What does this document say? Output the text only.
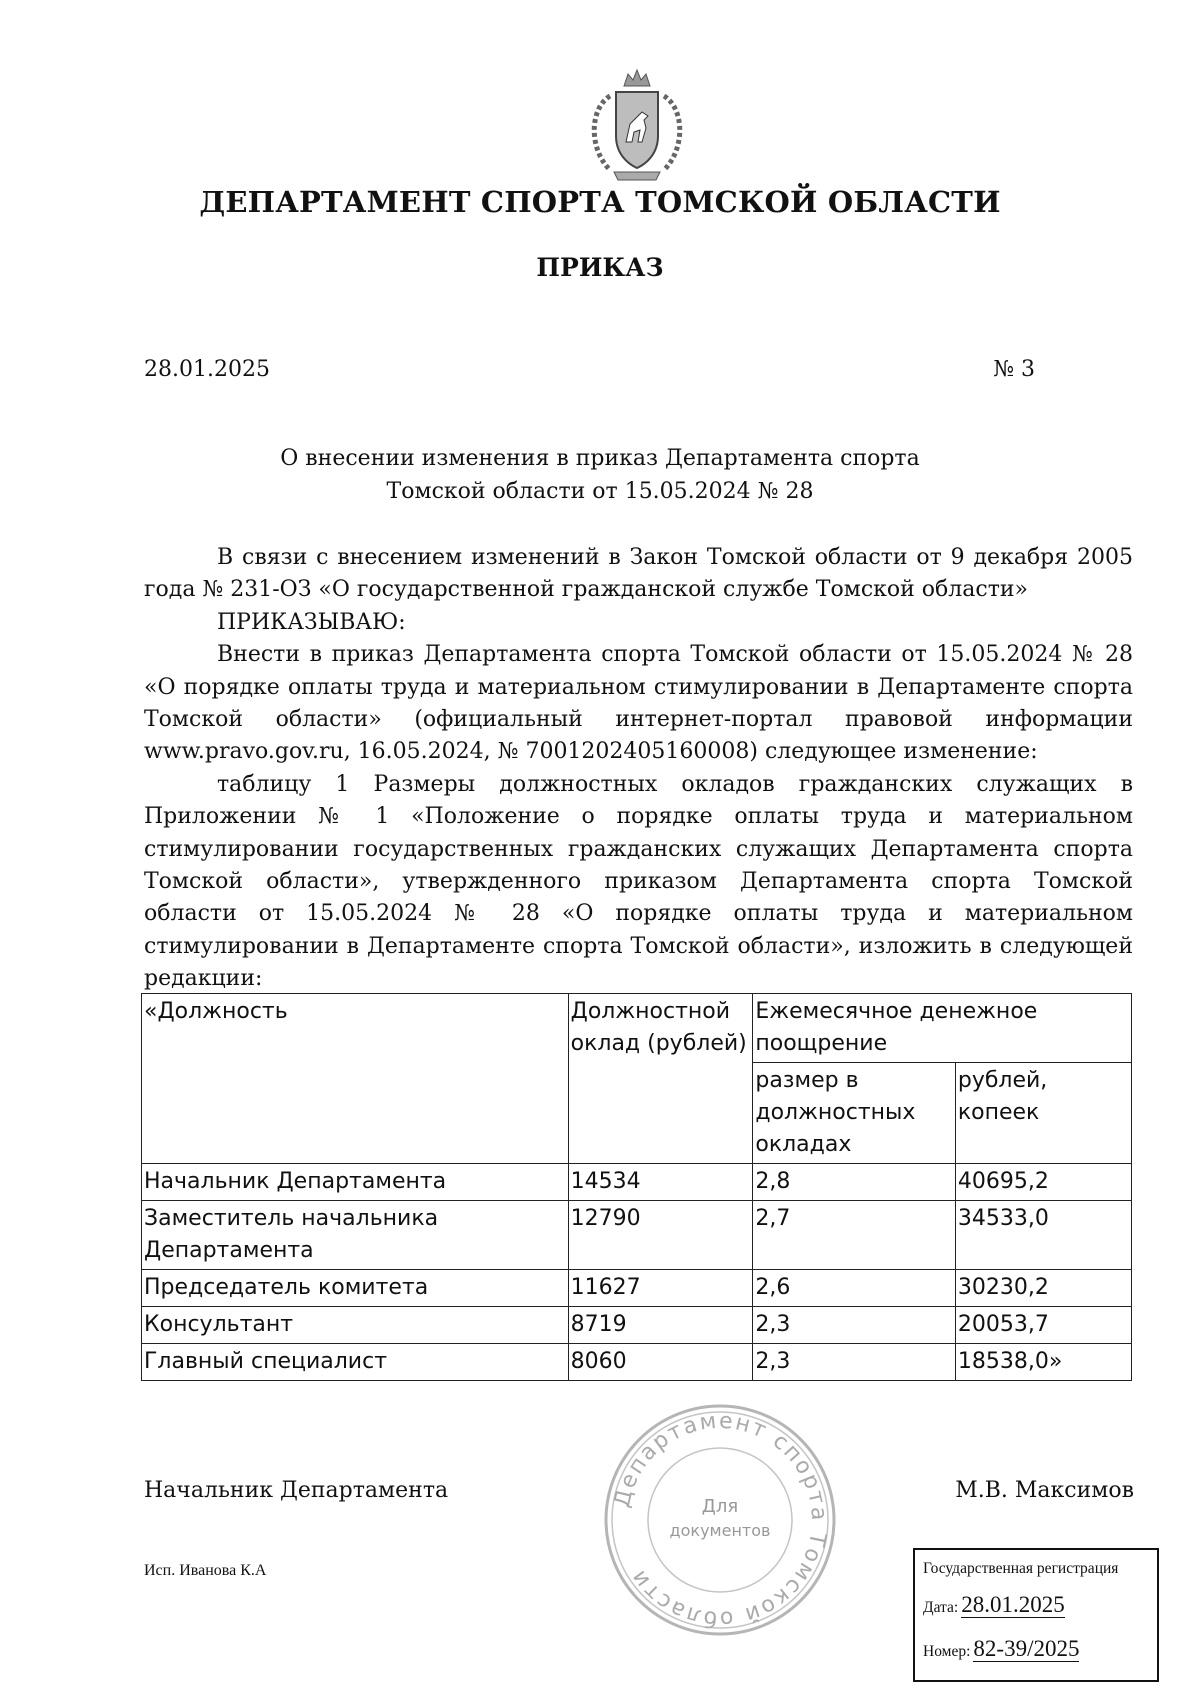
ДЕПАРТАМЕНТ СПОРТА ТОМСКОЙ ОБЛАСТИ
ПРИКАЗ
28.01.2025	№ 3
О внесении изменения в приказ Департамента спорта
Томской области от 15.05.2024 № 28

В связи с внесением изменений в Закон Томской области от 9 декабря 2005 года № 231-ОЗ «О государственной гражданской службе Томской области»

ПРИКАЗЫВАЮ:

Внести в приказ Департамента спорта Томской области от 15.05.2024 № 28 «О порядке оплаты труда и материальном стимулировании в Департаменте спорта Томской области» (официальный интернет-портал правовой информации www.pravo.gov.ru, 16.05.2024, № 7001202405160008) следующее изменение:

таблицу 1 Размеры должностных окладов гражданских служащих в Приложении № 1 «Положение о порядке оплаты труда и материальном стимулировании государственных гражданских служащих Департамента спорта Томской области», утвержденного приказом Департамента спорта Томской области от 15.05.2024 № 28 «О порядке оплаты труда и материальном стимулировании в Департаменте спорта Томской области», изложить в следующей редакции:

«Должность	Должностной оклад (рублей)	Ежемесячное денежное поощрение	
		размер в должностных окладах	рублей, копеек
Начальник Департамента	14534	2,8	40695,2
Заместитель начальника Департамента	12790	2,7	34533,0
Председатель комитета	11627	2,6	30230,2
Консультант	8719	2,3	20053,7
Главный специалист	8060	2,3	18538,0»
Департамент спорта Томской области
Для
документов
Начальник Департамента	М.В. Максимов
Исп. Иванова К.А	Государственная регистрация
Дата: 28.01.2025
Номер: 82-39/2025
